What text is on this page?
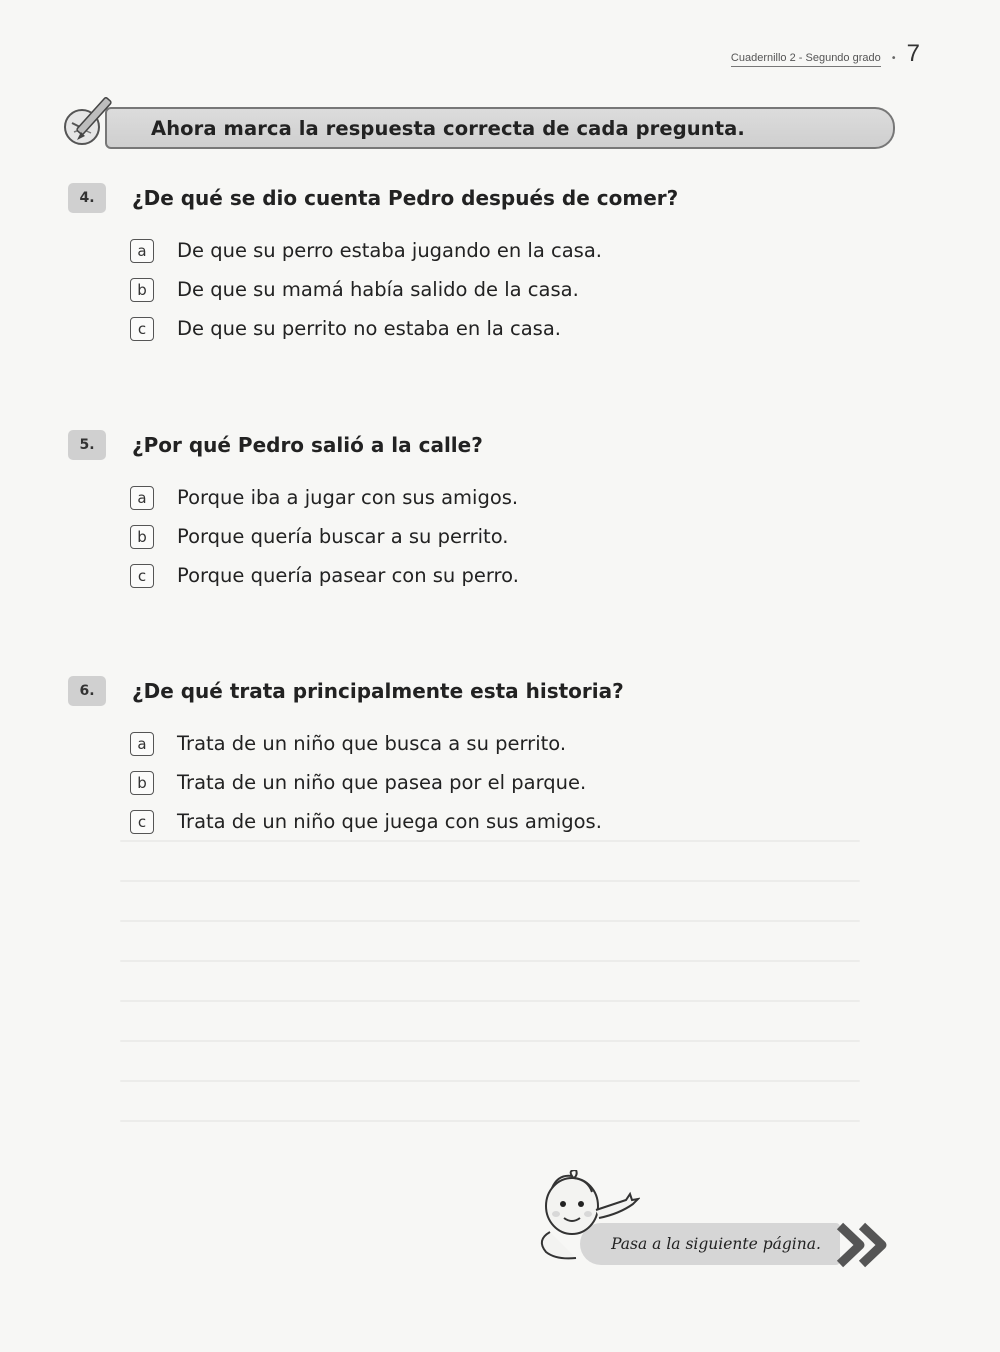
Cuadernillo 2 - Segundo grado • 7
Ahora marca la respuesta correcta de cada pregunta.
4.	¿De qué se dio cuenta Pedro después de comer?
a	De que su perro estaba jugando en la casa.
b	De que su mamá había salido de la casa.
c	De que su perrito no estaba en la casa.
5.	¿Por qué Pedro salió a la calle?
a	Porque iba a jugar con sus amigos.
b	Porque quería buscar a su perrito.
c	Porque quería pasear con su perro.
6.	¿De qué trata principalmente esta historia?
a	Trata de un niño que busca a su perrito.
b	Trata de un niño que pasea por el parque.
c	Trata de un niño que juega con sus amigos.
Pasa a la siguiente página.
